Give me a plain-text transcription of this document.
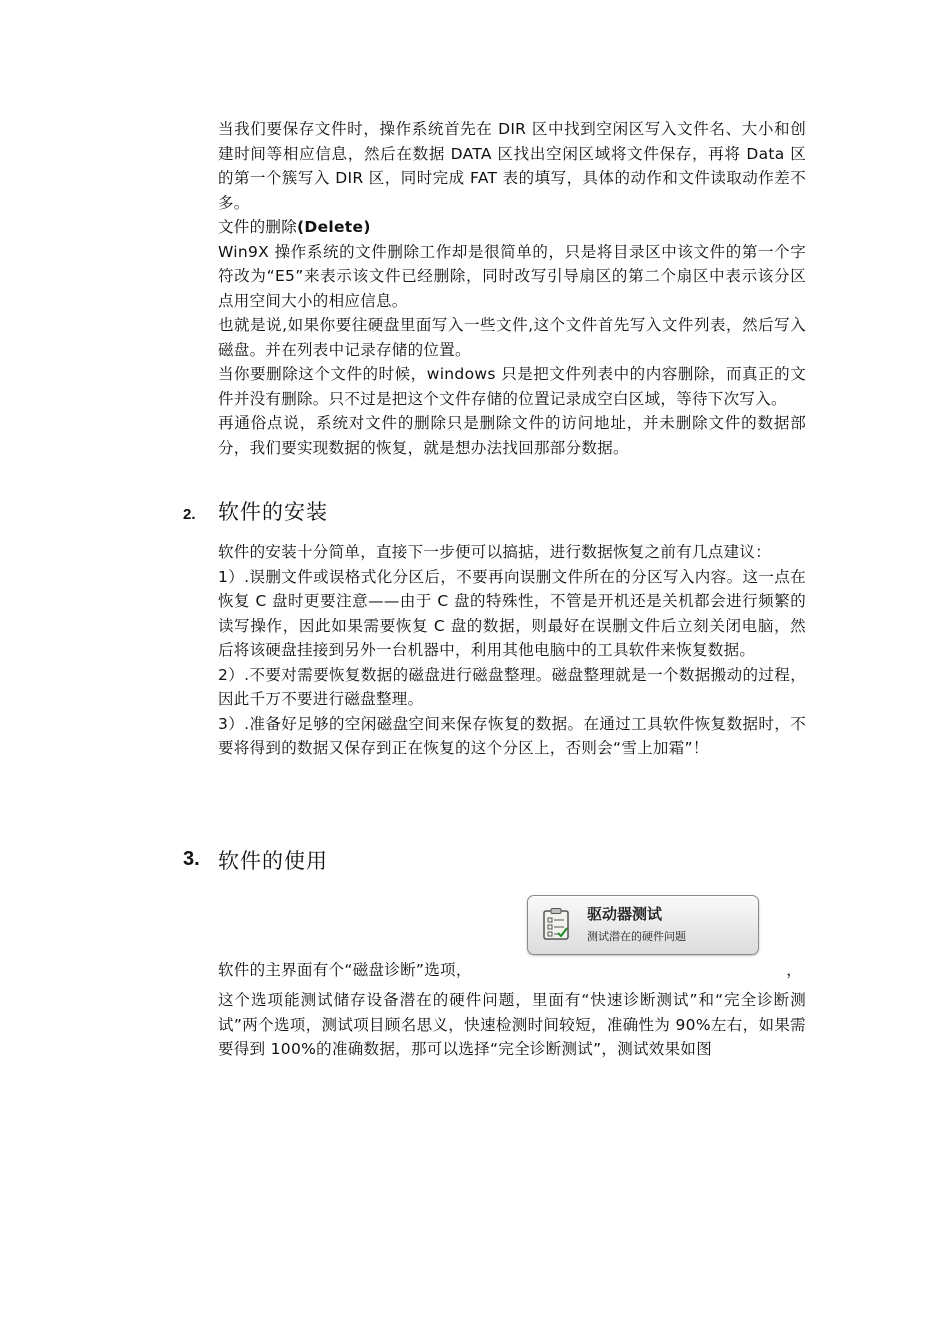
当我们要保存文件时，操作系统首先在 DIR 区中找到空闲区写入文件名、大小和创建时间等相应信息，然后在数据 DATA 区找出空闲区域将文件保存，再将 Data 区的第一个簇写入 DIR 区，同时完成 FAT 表的填写，具体的动作和文件读取动作差不多。

文件的删除(Delete)

Win9X 操作系统的文件删除工作却是很简单的，只是将目录区中该文件的第一个字符改为“E5”来表示该文件已经删除，同时改写引导扇区的第二个扇区中表示该分区点用空间大小的相应信息。

也就是说,如果你要往硬盘里面写入一些文件,这个文件首先写入文件列表，然后写入磁盘。并在列表中记录存储的位置。

当你要删除这个文件的时候，windows 只是把文件列表中的内容删除，而真正的文件并没有删除。只不过是把这个文件存储的位置记录成空白区域，等待下次写入。

再通俗点说，系统对文件的删除只是删除文件的访问地址，并未删除文件的数据部分，我们要实现数据的恢复，就是想办法找回那部分数据。

2. 软件的安装

软件的安装十分简单，直接下一步便可以搞掂，进行数据恢复之前有几点建议：

1）.误删文件或误格式化分区后，不要再向误删文件所在的分区写入内容。这一点在恢复 C 盘时更要注意——由于 C 盘的特殊性，不管是开机还是关机都会进行频繁的读写操作，因此如果需要恢复 C 盘的数据，则最好在误删文件后立刻关闭电脑，然后将该硬盘挂接到另外一台机器中，利用其他电脑中的工具软件来恢复数据。

2）.不要对需要恢复数据的磁盘进行磁盘整理。磁盘整理就是一个数据搬动的过程，因此千万不要进行磁盘整理。

3）.准备好足够的空闲磁盘空间来保存恢复的数据。在通过工具软件恢复数据时，不要将得到的数据又保存到正在恢复的这个分区上，否则会“雪上加霜”！

3. 软件的使用
驱动器测试
测试潜在的硬件问题
软件的主界面有个“磁盘诊断”选项，	，

这个选项能测试储存设备潜在的硬件问题，里面有“快速诊断测试”和“完全诊断测试”两个选项，测试项目顾名思义，快速检测时间较短，准确性为 90%左右，如果需要得到 100%的准确数据，那可以选择“完全诊断测试”，测试效果如图
